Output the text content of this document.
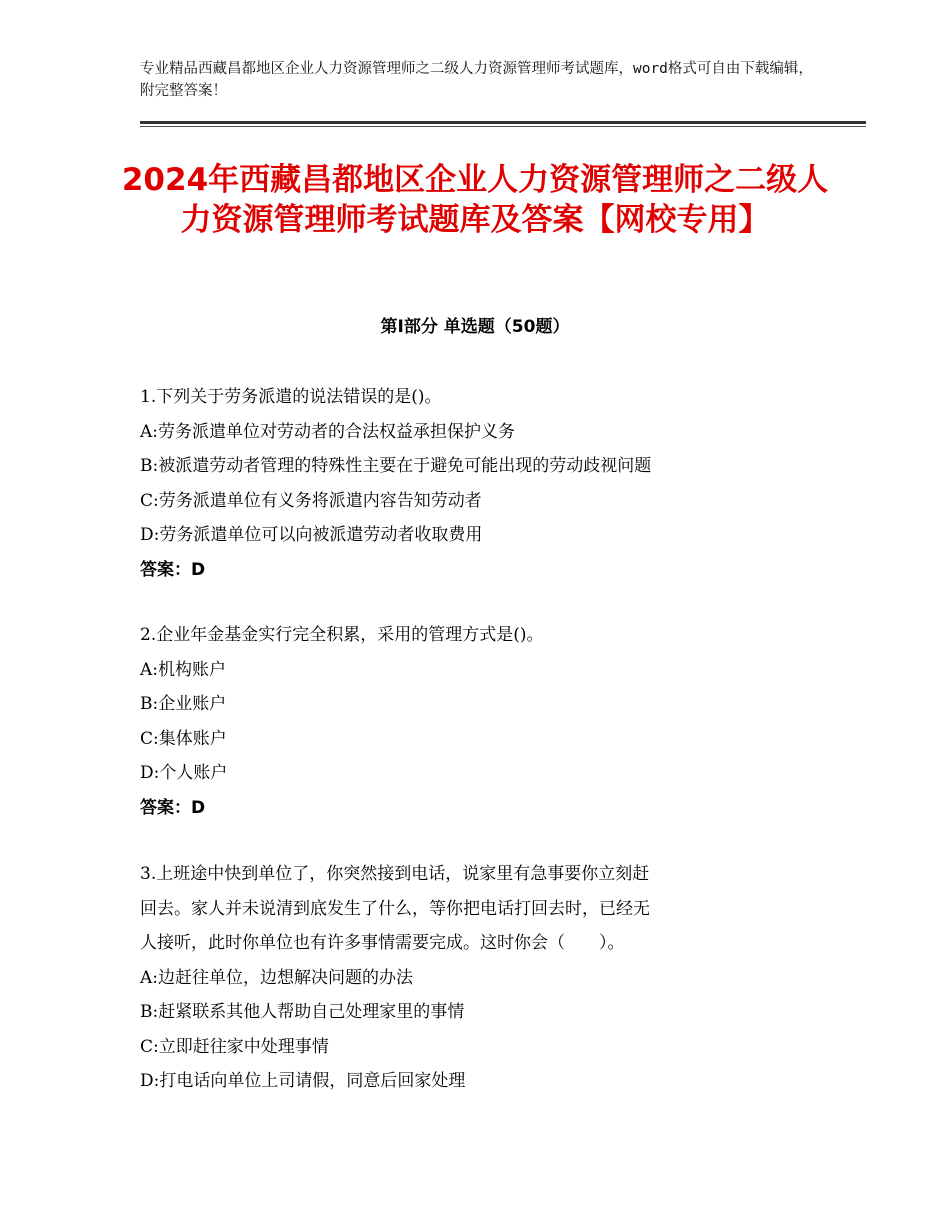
专业精品西藏昌都地区企业人力资源管理师之二级人力资源管理师考试题库，word格式可自由下载编辑，附完整答案！
2024年西藏昌都地区企业人力资源管理师之二级人力资源管理师考试题库及答案【网校专用】
第Ⅰ部分 单选题（50题）
1.下列关于劳务派遣的说法错误的是()。
A:劳务派遣单位对劳动者的合法权益承担保护义务
B:被派遣劳动者管理的特殊性主要在于避免可能出现的劳动歧视问题
C:劳务派遣单位有义务将派遣内容告知劳动者
D:劳务派遣单位可以向被派遣劳动者收取费用
答案：D
2.企业年金基金实行完全积累，采用的管理方式是()。
A:机构账户
B:企业账户
C:集体账户
D:个人账户
答案：D
3.上班途中快到单位了，你突然接到电话，说家里有急事要你立刻赶
回去。家人并未说清到底发生了什么，等你把电话打回去时，已经无
人接听，此时你单位也有许多事情需要完成。这时你会（　　）。
A:边赶往单位，边想解决问题的办法
B:赶紧联系其他人帮助自己处理家里的事情
C:立即赶往家中处理事情
D:打电话向单位上司请假，同意后回家处理
